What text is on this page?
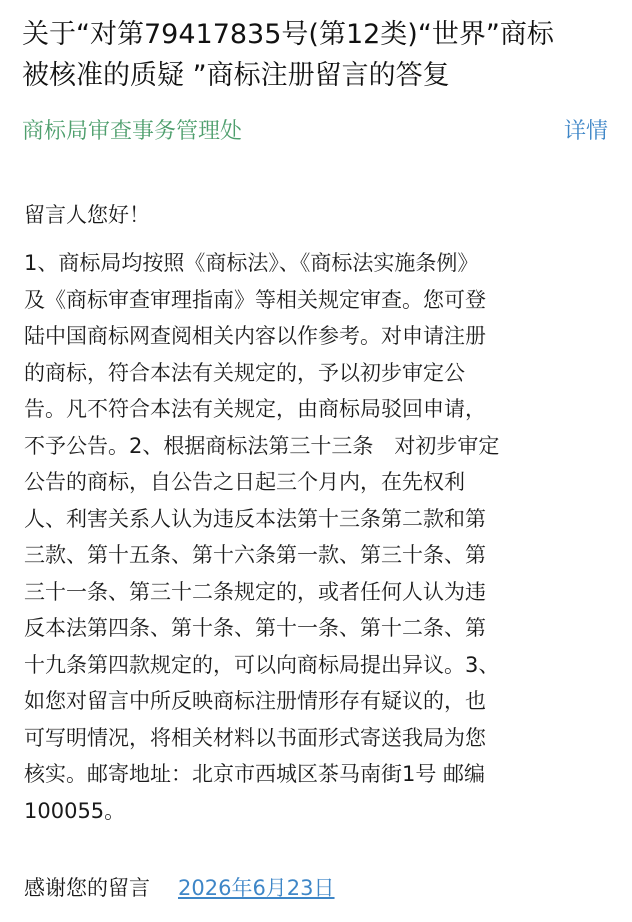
关于“对第79417835号(第12类)“世界”商标
被核准的质疑 ”商标注册留言的答复
商标局审查事务管理处	详情
留言人您好！
1、商标局均按照《商标法》、《商标法实施条例》
及《商标审查审理指南》等相关规定审查。您可登
陆中国商标网查阅相关内容以作参考。对申请注册
的商标，符合本法有关规定的，予以初步审定公
告。凡不符合本法有关规定，由商标局驳回申请，
不予公告。2、根据商标法第三十三条　对初步审定
公告的商标，自公告之日起三个月内，在先权利
人、利害关系人认为违反本法第十三条第二款和第
三款、第十五条、第十六条第一款、第三十条、第
三十一条、第三十二条规定的，或者任何人认为违
反本法第四条、第十条、第十一条、第十二条、第
十九条第四款规定的，可以向商标局提出异议。3、
如您对留言中所反映商标注册情形存有疑议的，也
可写明情况，将相关材料以书面形式寄送我局为您
核实。邮寄地址：北京市西城区茶马南街1号 邮编
100055。
感谢您的留言 2026年6月23日
